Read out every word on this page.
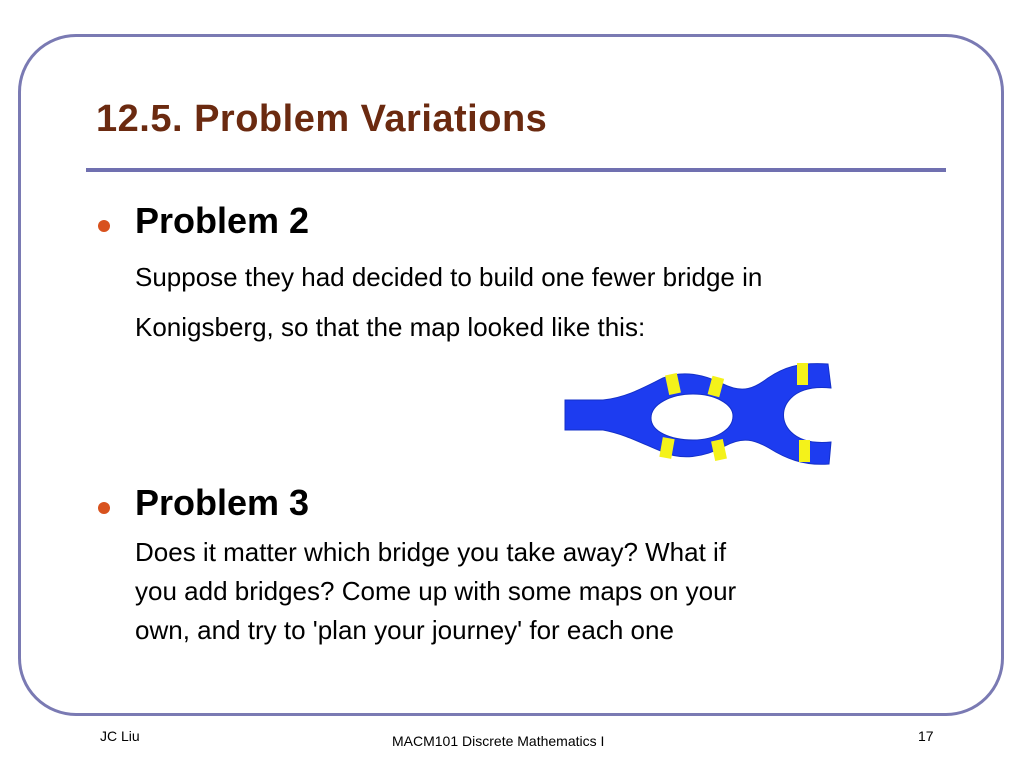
12.5. Problem Variations
Problem 2
Suppose they had decided to build one fewer bridge in
Konigsberg, so that the map looked like this:
Problem 3
Does it matter which bridge you take away? What if
you add bridges? Come up with some maps on your
own, and try to 'plan your journey' for each one
JC Liu	MACM101 Discrete Mathematics I	17
